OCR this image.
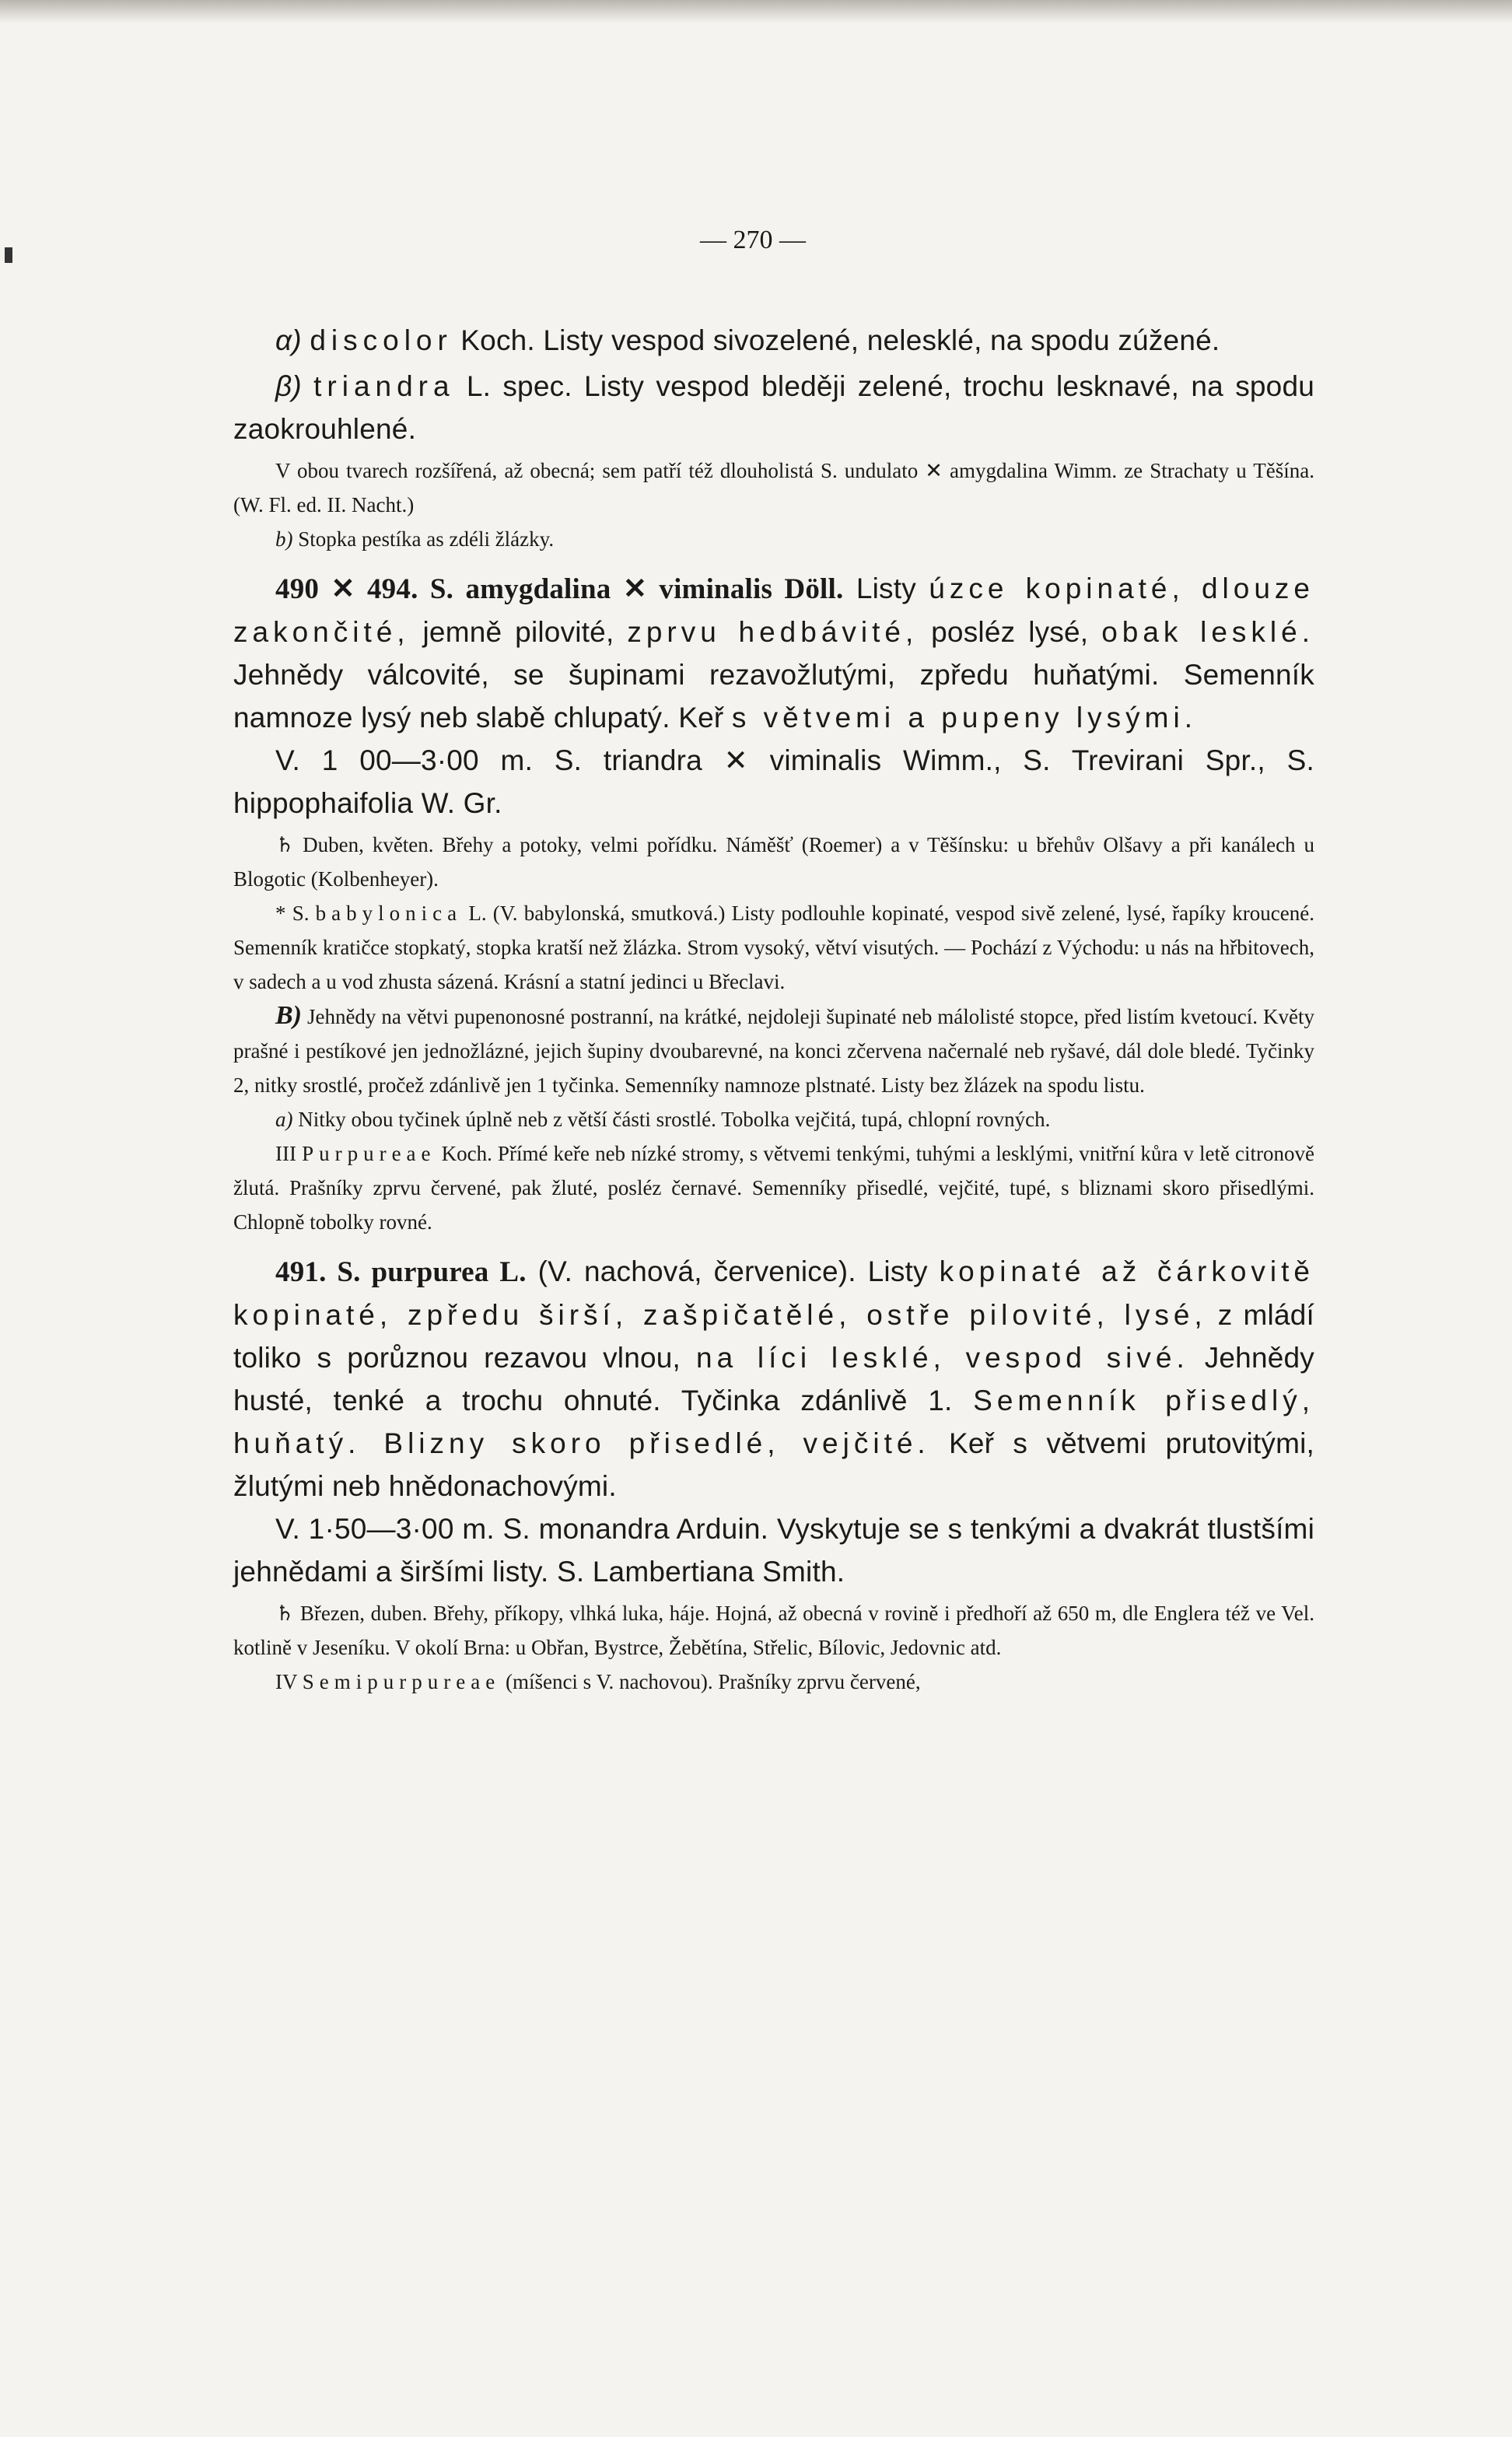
— 270 —

α) discolor Koch. Listy vespod sivozelené, nelesklé, na spodu zúžené.

β) triandra L. spec. Listy vespod bleději zelené, trochu lesknavé, na spodu zaokrouhlené.

V obou tvarech rozšířená, až obecná; sem patří též dlouholistá S. undulato ✕ amygdalina Wimm. ze Strachaty u Těšína. (W. Fl. ed. II. Nacht.)

b) Stopka pestíka as zdéli žlázky.

490 ✕ 494. S. amygdalina ✕ viminalis Döll. Listy úzce kopinaté, dlouze zakončité, jemně pilovité, zprvu hedbávité, posléz lysé, obak lesklé. Jehnědy válcovité, se šupinami rezavožlutými, zpředu huňatými. Semenník namnoze lysý neb slabě chlupatý. Keř s větvemi a pupeny lysými.

V. 1 00—3·00 m. S. triandra ✕ viminalis Wimm., S. Trevirani Spr., S. hippophaifolia W. Gr.

♄ Duben, květen. Břehy a potoky, velmi pořídku. Náměšť (Roemer) a v Těšínsku: u břehův Olšavy a při kanálech u Blogotic (Kolbenheyer).

* S. babylonica L. (V. babylonská, smutková.) Listy podlouhle kopinaté, vespod sivě zelené, lysé, řapíky kroucené. Semenník kratičce stopkatý, stopka kratší než žlázka. Strom vysoký, větví visutých. — Pochází z Východu: u nás na hřbitovech, v sadech a u vod zhusta sázená. Krásní a statní jedinci u Břeclavi.

B) Jehnědy na větvi pupenonosné postranní, na krátké, nejdoleji šupinaté neb málolisté stopce, před listím kvetoucí. Květy prašné i pestíkové jen jednožlázné, jejich šupiny dvoubarevné, na konci zčervena načernalé neb ryšavé, dál dole bledé. Tyčinky 2, nitky srostlé, pročež zdánlivě jen 1 tyčinka. Semenníky namnoze plstnaté. Listy bez žlázek na spodu listu.

a) Nitky obou tyčinek úplně neb z větší části srostlé. Tobolka vejčitá, tupá, chlopní rovných.

III Purpureae Koch. Přímé keře neb nízké stromy, s větvemi tenkými, tuhými a lesklými, vnitřní kůra v letě citronově žlutá. Prašníky zprvu červené, pak žluté, posléz černavé. Semenníky přisedlé, vejčité, tupé, s bliznami skoro přisedlými. Chlopně tobolky rovné.

491. S. purpurea L. (V. nachová, červenice). Listy kopinaté až čárkovitě kopinaté, zpředu širší, zašpičatělé, ostře pilovité, lysé, z mládí toliko s porůznou rezavou vlnou, na líci lesklé, vespod sivé. Jehnědy husté, tenké a trochu ohnuté. Tyčinka zdánlivě 1. Semenník přisedlý, huňatý. Blizny skoro přisedlé, vejčité. Keř s větvemi prutovitými, žlutými neb hnědonachovými.

V. 1·50—3·00 m. S. monandra Arduin. Vyskytuje se s tenkými a dvakrát tlustšími jehnědami a širšími listy. S. Lambertiana Smith.

♄ Březen, duben. Břehy, příkopy, vlhká luka, háje. Hojná, až obecná v rovině i předhoří až 650 m, dle Englera též ve Vel. kotlině v Jeseníku. V okolí Brna: u Obřan, Bystrce, Žebětína, Střelic, Bílovic, Jedovnic atd.

IV Semipurpureae (míšenci s V. nachovou). Prašníky zprvu červené,
